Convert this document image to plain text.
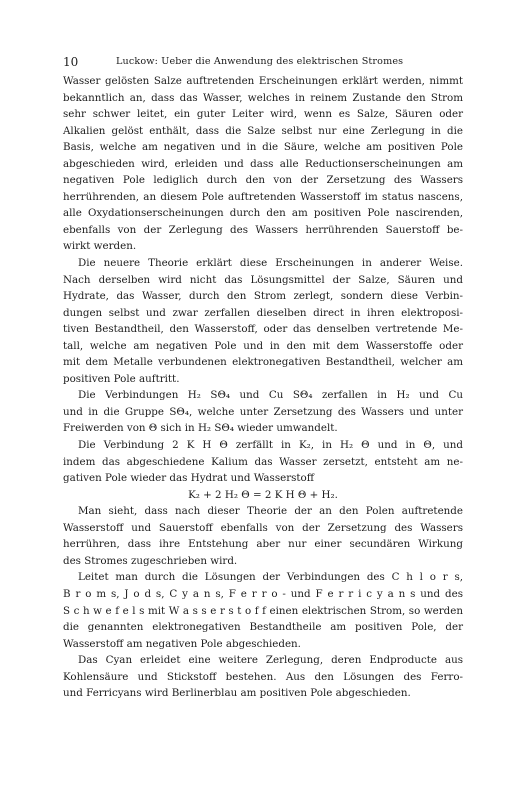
10	Luckow: Ueber die Anwendung des elektrischen Stromes
Wasser gelösten Salze auftretenden Erscheinungen erklärt werden, nimmt
bekanntlich an, dass das Wasser, welches in reinem Zustande den Strom
sehr schwer leitet, ein guter Leiter wird, wenn es Salze, Säuren oder
Alkalien gelöst enthält, dass die Salze selbst nur eine Zerlegung in die
Basis, welche am negativen und in die Säure, welche am positiven Pole
abgeschieden wird, erleiden und dass alle Reductionserscheinungen am
negativen Pole lediglich durch den von der Zersetzung des Wassers
herrührenden, an diesem Pole auftretenden Wasserstoff im status nascens,
alle Oxydationserscheinungen durch den am positiven Pole nascirenden,
ebenfalls von der Zerlegung des Wassers herrührenden Sauerstoff be-
wirkt werden.
Die neuere Theorie erklärt diese Erscheinungen in anderer Weise.
Nach derselben wird nicht das Lösungsmittel der Salze, Säuren und
Hydrate, das Wasser, durch den Strom zerlegt, sondern diese Verbin-
dungen selbst und zwar zerfallen dieselben direct in ihren elektroposi-
tiven Bestandtheil, den Wasserstoff, oder das denselben vertretende Me-
tall, welche am negativen Pole und in den mit dem Wasserstoffe oder
mit dem Metalle verbundenen elektronegativen Bestandtheil, welcher am
positiven Pole auftritt.
Die Verbindungen H₂ SΘ₄ und Cu SΘ₄ zerfallen in H₂ und Cu
und in die Gruppe SΘ₄, welche unter Zersetzung des Wassers und unter
Freiwerden von Θ sich in H₂ SΘ₄ wieder umwandelt.
Die Verbindung 2 K H Θ zerfällt in K₂, in H₂ Θ und in Θ, und
indem das abgeschiedene Kalium das Wasser zersetzt, entsteht am ne-
gativen Pole wieder das Hydrat und Wasserstoff
K₂ + 2 H₂ Θ = 2 K H Θ + H₂.
Man sieht, dass nach dieser Theorie der an den Polen auftretende
Wasserstoff und Sauerstoff ebenfalls von der Zersetzung des Wassers
herrühren, dass ihre Entstehung aber nur einer secundären Wirkung
des Stromes zugeschrieben wird.
Leitet man durch die Lösungen der Verbindungen des C h l o r s,
B r o m s, J o d s, C y a n s, F e r r o - und F e r r i c y a n s und des
S c h w e f e l s mit W a s s e r s t o f f einen elektrischen Strom, so werden
die genannten elektronegativen Bestandtheile am positiven Pole, der
Wasserstoff am negativen Pole abgeschieden.
Das Cyan erleidet eine weitere Zerlegung, deren Endproducte aus
Kohlensäure und Stickstoff bestehen. Aus den Lösungen des Ferro-
und Ferricyans wird Berlinerblau am positiven Pole abgeschieden.
